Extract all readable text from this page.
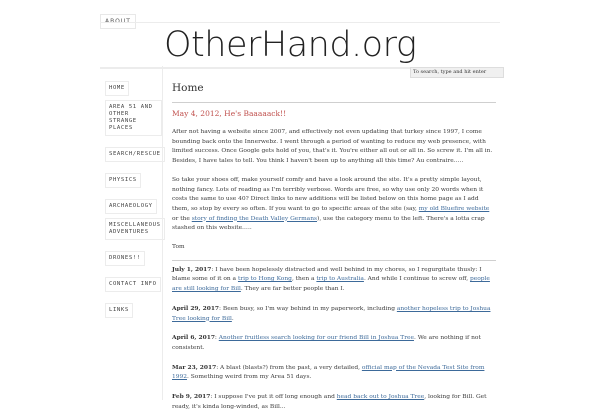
ABOUT
OtherHand.org
To search, type and hit enter
HOME
AREA 51 AND OTHER STRANGE PLACES
SEARCH/RESCUE
PHYSICS
ARCHAEOLOGY
MISCELLANEOUS ADVENTURES
DRONES!!
CONTACT INFO
LINKS
Home
May 4, 2012, He's Baaaaack!!

After not having a website since 2007, and effectively not even updating that turkey since 1997, I come bounding back onto the Innerwebz. I went through a period of wanting to reduce my web presence, with limited success. Once Google gets hold of you, that's it. You're either all out or all in. So screw it. I'm all in. Besides, I have tales to tell. You think I haven't been up to anything all this time? Au contraire…..

So take your shoes off, make yourself comfy and have a look around the site. It's a pretty simple layout, nothing fancy. Lots of reading as I'm terribly verbose. Words are free, so why use only 20 words when it costs the same to use 40? Direct links to new additions will be listed below on this home page as I add them, so stop by every so often. If you want to go to specific areas of the site (say, my old Bluefire website or the story of finding the Death Valley Germans), use the category menu to the left. There's a lotta crap stashed on this website…..

Tom

July 1, 2017: I have been hopelessly distracted and well behind in my chores, so I regurgitate thusly: I blame some of it on a trip to Hong Kong, then a trip to Australia. And while I continue to screw off, people are still looking for Bill. They are far better people than I.

April 29, 2017: Been busy, so I'm way behind in my paperwork, including another hopeless trip to Joshua Tree looking for Bill.

April 6, 2017: Another fruitless search looking for our friend Bill in Joshua Tree. We are nothing if not consistent.

Mar 23, 2017: A blast (blasts?) from the past, a very detailed, official map of the Nevada Test Site from 1992. Something weird from my Area 51 days.

Feb 9, 2017: I suppose I've put it off long enough and head back out to Joshua Tree, looking for Bill. Get ready, it's kinda long-winded, as Bill...
